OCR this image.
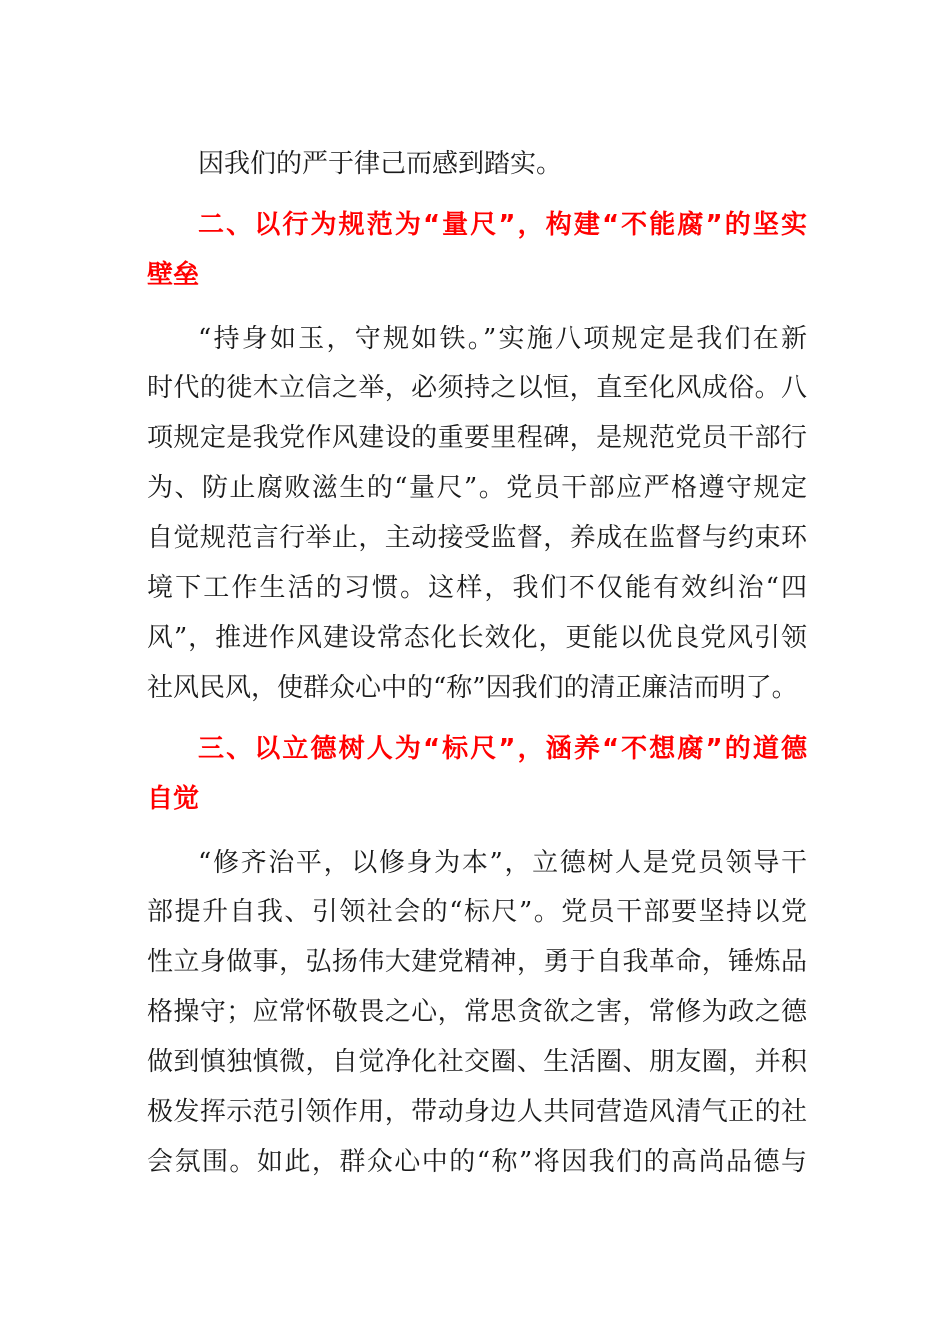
因我们的严于律己而感到踏实。
二、以行为规范为“量尺”，构建“不能腐”的坚实
壁垒
“持身如玉，守规如铁。”实施八项规定是我们在新
时代的徙木立信之举，必须持之以恒，直至化风成俗。八
项规定是我党作风建设的重要里程碑，是规范党员干部行
为、防止腐败滋生的“量尺”。党员干部应严格遵守规定
自觉规范言行举止，主动接受监督，养成在监督与约束环
境下工作生活的习惯。这样，我们不仅能有效纠治“四
风”，推进作风建设常态化长效化，更能以优良党风引领
社风民风，使群众心中的“称”因我们的清正廉洁而明了。
三、以立德树人为“标尺”，涵养“不想腐”的道德
自觉
“修齐治平，以修身为本”，立德树人是党员领导干
部提升自我、引领社会的“标尺”。党员干部要坚持以党
性立身做事，弘扬伟大建党精神，勇于自我革命，锤炼品
格操守；应常怀敬畏之心，常思贪欲之害，常修为政之德
做到慎独慎微，自觉净化社交圈、生活圈、朋友圈，并积
极发挥示范引领作用，带动身边人共同营造风清气正的社
会氛围。如此，群众心中的“称”将因我们的高尚品德与
